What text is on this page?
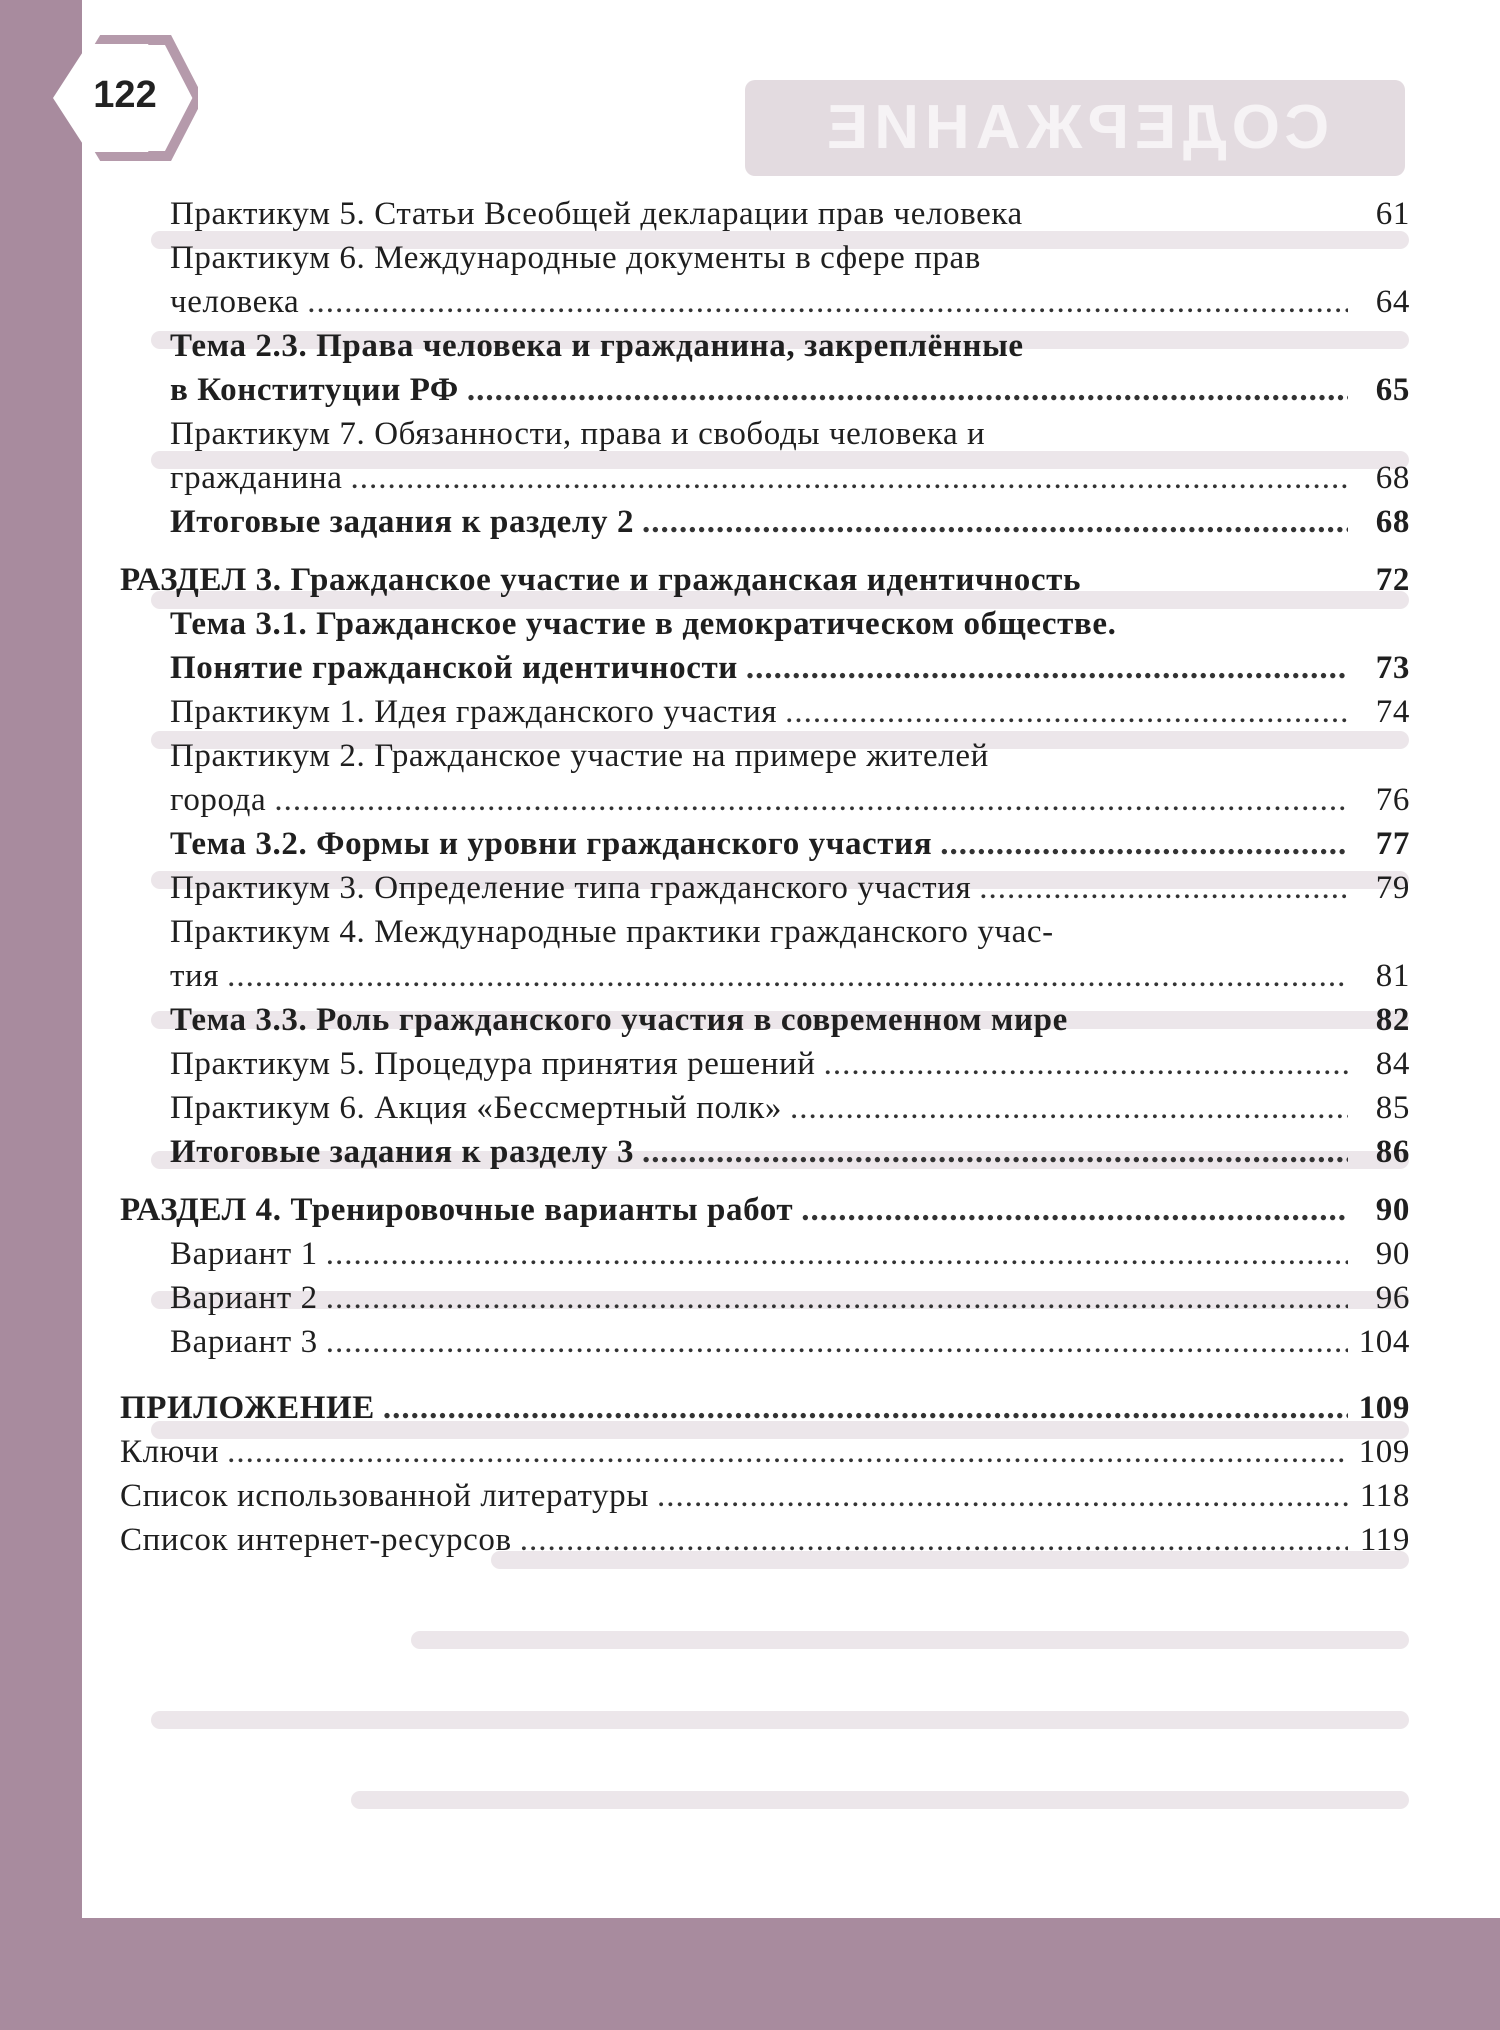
122	СОДЕРЖАНИЕ
Практикум 5. Статьи Всеобщей декларации прав человека	61
Практикум 6. Международные документы в сфере прав
человека .....	64
Тема 2.3. Права человека и гражданина, закреплённые
в Конституции РФ .....	65
Практикум 7. Обязанности, права и свободы человека и
гражданина .....	68
Итоговые задания к разделу 2 .....	68
РАЗДЕЛ 3. Гражданское участие и гражданская идентичность	72
Тема 3.1. Гражданское участие в демократическом обществе.
Понятие гражданской идентичности .....	73
Практикум 1. Идея гражданского участия .....	74
Практикум 2. Гражданское участие на примере жителей
города .....	76
Тема 3.2. Формы и уровни гражданского участия .....	77
Практикум 3. Определение типа гражданского участия .....	79
Практикум 4. Международные практики гражданского учас-
тия .....	81
Тема 3.3. Роль гражданского участия в современном мире	82
Практикум 5. Процедура принятия решений .....	84
Практикум 6. Акция «Бессмертный полк» .....	85
Итоговые задания к разделу 3 .....	86
РАЗДЕЛ 4. Тренировочные варианты работ .....	90
Вариант 1 .....	90
Вариант 2 .....	96
Вариант 3 .....	104
ПРИЛОЖЕНИЕ .....	109
Ключи .....	109
Список использованной литературы .....	118
Список интернет-ресурсов .....	119
